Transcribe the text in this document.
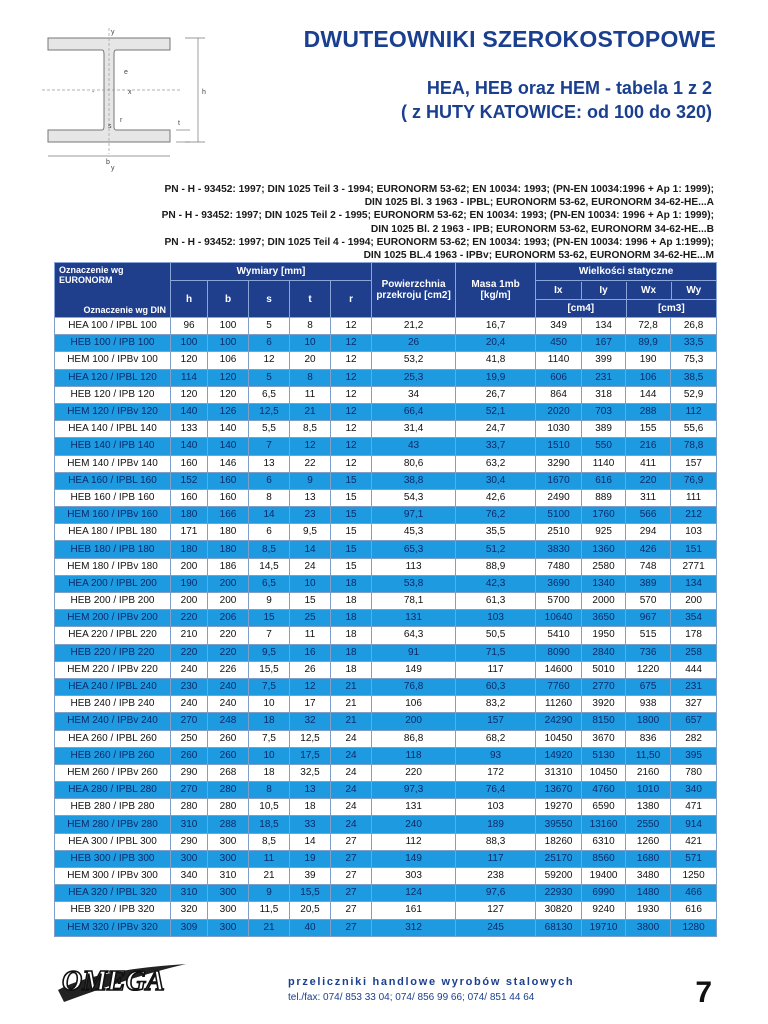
y
y
x
-
e
h
t
r
s
b
DWUTEOWNIKI SZEROKOSTOPOWE
HEA, HEB oraz HEM - tabela 1 z 2
( z HUTY KATOWICE: od 100 do 320)
PN - H - 93452: 1997; DIN 1025 Teil 3 - 1994; EURONORM 53-62; EN 10034: 1993; (PN-EN 10034:1996 + Ap 1: 1999);
DIN 1025 Bl. 3 1963 - IPBL; EURONORM 53-62, EURONORM 34-62-HE...A
PN - H - 93452: 1997; DIN 1025 Teil 2 - 1995; EURONORM 53-62; EN 10034: 1993; (PN-EN 10034: 1996 + Ap 1: 1999);
DIN 1025 Bl. 2 1963 - IPB; EURONORM 53-62, EURONORM 34-62-HE...B
PN - H - 93452: 1997; DIN 1025 Teil 4 - 1994; EURONORM 53-62; EN 10034: 1993; (PN-EN 10034: 1996 + Ap 1:1999);
DIN 1025 BL.4 1963 - IPBv; EURONORM 53-62, EURONORM 34-62-HE...M
Oznaczenie wg EURONORM
Oznaczenie wg DIN
	Wymiary [mm]	Powierzchnia przekroju [cm2]	Masa 1mb [kg/m]	Wielkości statyczne
h	b	s	t	r	
Ix	Iy	Wx	Wy
[cm4]	[cm3]

HEA 100 / IPBL 100	96	100	5	8	12	21,2	16,7	349	134	72,8	26,8
HEB 100 / IPB 100	100	100	6	10	12	26	20,4	450	167	89,9	33,5
HEM 100 / IPBv 100	120	106	12	20	12	53,2	41,8	1140	399	190	75,3
HEA 120 / IPBL 120	114	120	5	8	12	25,3	19,9	606	231	106	38,5
HEB 120 / IPB 120	120	120	6,5	11	12	34	26,7	864	318	144	52,9
HEM 120 / IPBv 120	140	126	12,5	21	12	66,4	52,1	2020	703	288	112
HEA 140 / IPBL 140	133	140	5,5	8,5	12	31,4	24,7	1030	389	155	55,6
HEB 140 / IPB 140	140	140	7	12	12	43	33,7	1510	550	216	78,8
HEM 140 / IPBv 140	160	146	13	22	12	80,6	63,2	3290	1140	411	157
HEA 160 / IPBL 160	152	160	6	9	15	38,8	30,4	1670	616	220	76,9
HEB 160 / IPB 160	160	160	8	13	15	54,3	42,6	2490	889	311	111
HEM 160 / IPBv 160	180	166	14	23	15	97,1	76,2	5100	1760	566	212
HEA 180 / IPBL 180	171	180	6	9,5	15	45,3	35,5	2510	925	294	103
HEB 180 / IPB 180	180	180	8,5	14	15	65,3	51,2	3830	1360	426	151
HEM 180 / IPBv 180	200	186	14,5	24	15	113	88,9	7480	2580	748	2771
HEA 200 / IPBL 200	190	200	6,5	10	18	53,8	42,3	3690	1340	389	134
HEB 200 / IPB 200	200	200	9	15	18	78,1	61,3	5700	2000	570	200
HEM 200 / IPBv 200	220	206	15	25	18	131	103	10640	3650	967	354
HEA 220 / IPBL 220	210	220	7	11	18	64,3	50,5	5410	1950	515	178
HEB 220 / IPB 220	220	220	9,5	16	18	91	71,5	8090	2840	736	258
HEM 220 / IPBv 220	240	226	15,5	26	18	149	117	14600	5010	1220	444
HEA 240 / IPBL 240	230	240	7,5	12	21	76,8	60,3	7760	2770	675	231
HEB 240 / IPB 240	240	240	10	17	21	106	83,2	11260	3920	938	327
HEM 240 / IPBv 240	270	248	18	32	21	200	157	24290	8150	1800	657
HEA 260 / IPBL 260	250	260	7,5	12,5	24	86,8	68,2	10450	3670	836	282
HEB 260 / IPB 260	260	260	10	17,5	24	118	93	14920	5130	11,50	395
HEM 260 / IPBv 260	290	268	18	32,5	24	220	172	31310	10450	2160	780
HEA 280 / IPBL 280	270	280	8	13	24	97,3	76,4	13670	4760	1010	340
HEB 280 / IPB 280	280	280	10,5	18	24	131	103	19270	6590	1380	471
HEM 280 / IPBv 280	310	288	18,5	33	24	240	189	39550	13160	2550	914
HEA 300 / IPBL 300	290	300	8,5	14	27	112	88,3	18260	6310	1260	421
HEB 300 / IPB 300	300	300	11	19	27	149	117	25170	8560	1680	571
HEM 300 / IPBv 300	340	310	21	39	27	303	238	59200	19400	3480	1250
HEA 320 / IPBL 320	310	300	9	15,5	27	124	97,6	22930	6990	1480	466
HEB 320 / IPB 320	320	300	11,5	20,5	27	161	127	30820	9240	1930	616
HEM 320 / IPBv 320	309	300	21	40	27	312	245	68130	19710	3800	1280
OMEGA	przeliczniki handlowe wyrobów stalowych
tel./fax: 074/ 853 33 04; 074/ 856 99 66; 074/ 851 44 64	7
